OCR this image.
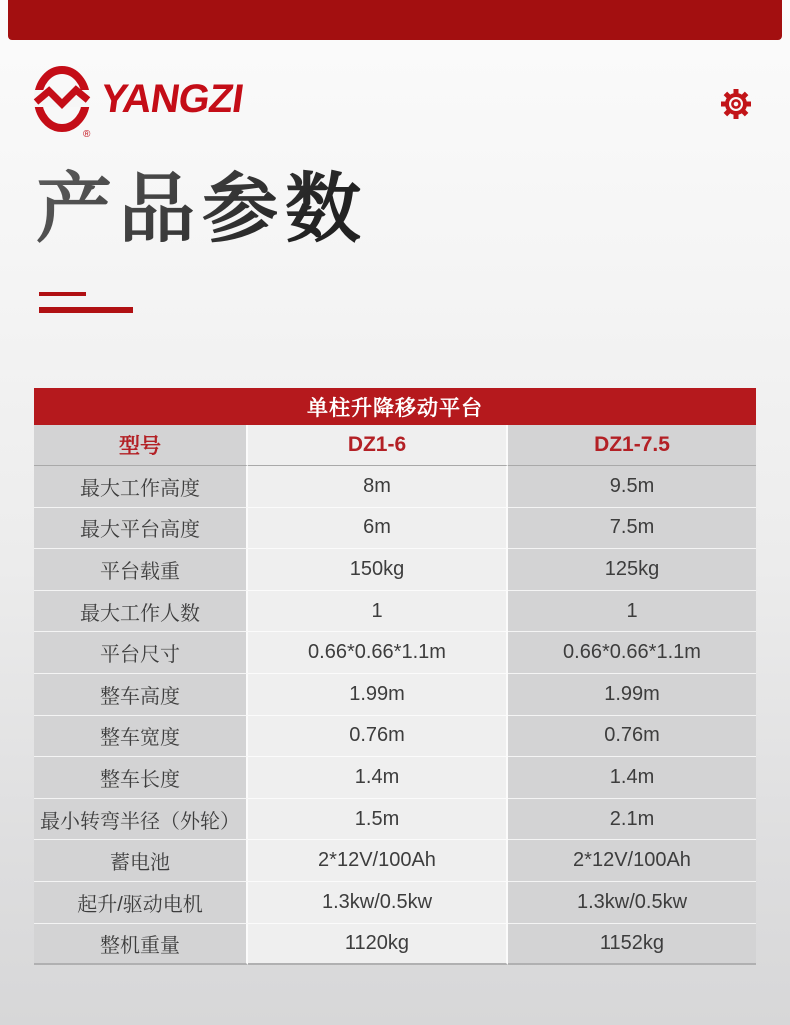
®
YANGZI
产品参数
单柱升降移动平台
型号	DZ1-6	DZ1-7.5
最大工作高度	8m	9.5m
最大平台高度	6m	7.5m
平台载重	150kg	125kg
最大工作人数	1	1
平台尺寸	0.66*0.66*1.1m	0.66*0.66*1.1m
整车高度	1.99m	1.99m
整车宽度	0.76m	0.76m
整车长度	1.4m	1.4m
最小转弯半径（外轮）	1.5m	2.1m
蓄电池	2*12V/100Ah	2*12V/100Ah
起升/驱动电机	1.3kw/0.5kw	1.3kw/0.5kw
整机重量	1120kg	1152kg
